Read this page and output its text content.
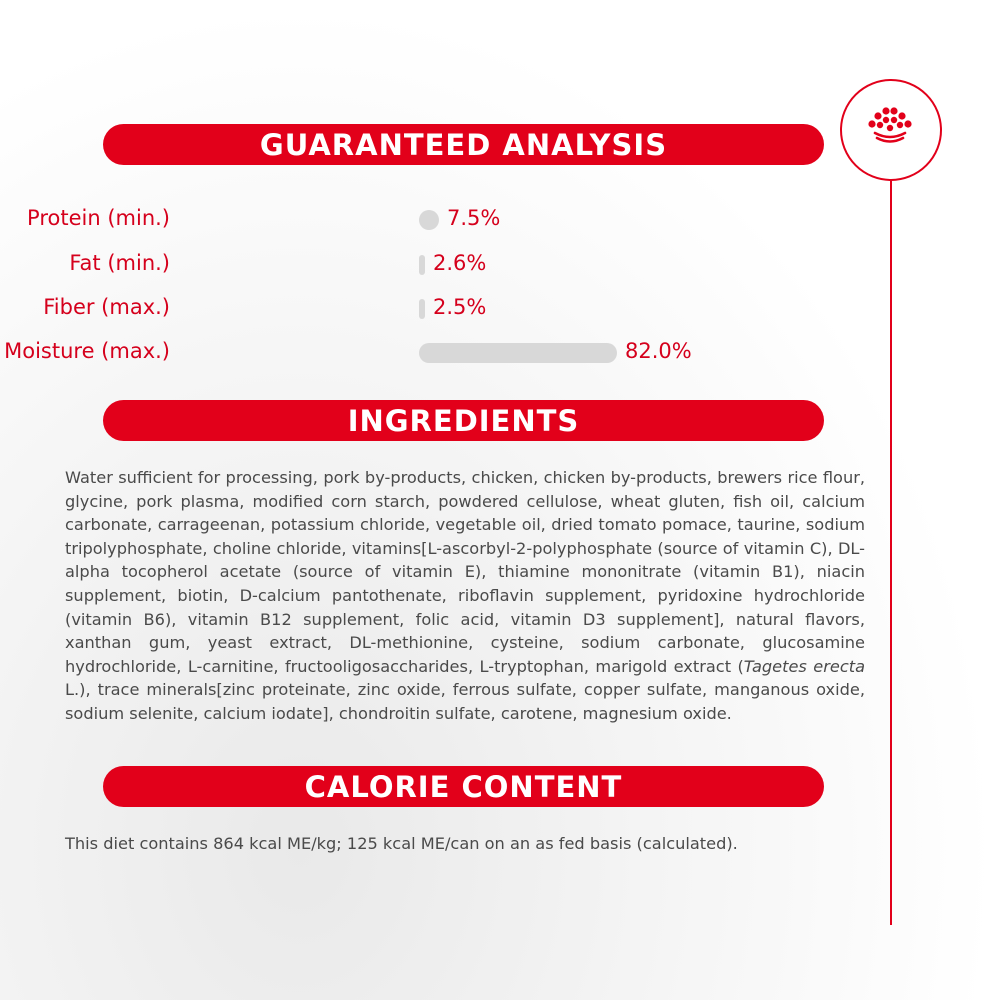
GUARANTEED ANALYSIS
Protein (min.)	7.5%
Fat (min.)	2.6%
Fiber (max.)	2.5%
Moisture (max.)	82.0%
INGREDIENTS

Water sufficient for processing, pork by-products, chicken, chicken by-products, brewers rice flour, glycine, pork plasma, modified corn starch, powdered cellulose, wheat gluten, fish oil, calcium carbonate, carrageenan, potassium chloride, vegetable oil, dried tomato pomace, taurine, sodium tripolyphosphate, choline chloride, vitamins[L-ascorbyl-2-polyphosphate (source of vitamin C), DL-alpha tocopherol acetate (source of vitamin E), thiamine mononitrate (vitamin B1), niacin supplement, biotin, D-calcium pantothenate, riboflavin supplement, pyridoxine hydrochloride (vitamin B6), vitamin B12 supplement, folic acid, vitamin D3 supplement], natural flavors, xanthan gum, yeast extract, DL-methionine, cysteine, sodium carbonate, glucosamine hydrochloride, L-carnitine, fructooligosaccharides, L-tryptophan, marigold extract (Tagetes erecta L.), trace minerals[zinc proteinate, zinc oxide, ferrous sulfate, copper sulfate, manganous oxide, sodium selenite, calcium iodate], chondroitin sulfate, carotene, magnesium oxide.

CALORIE CONTENT

This diet contains 864 kcal ME/kg; 125 kcal ME/can on an as fed basis (calculated).
